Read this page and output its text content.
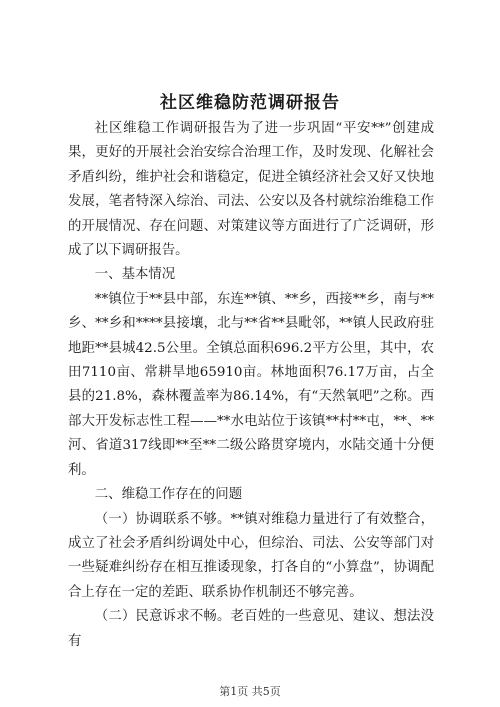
社区维稳防范调研报告

社区维稳工作调研报告为了进一步巩固“平安**”创建成果，更好的开展社会治安综合治理工作，及时发现、化解社会矛盾纠纷，维护社会和谐稳定，促进全镇经济社会又好又快地发展，笔者特深入综治、司法、公安以及各村就综治维稳工作的开展情况、存在问题、对策建议等方面进行了广泛调研，形成了以下调研报告。

一、基本情况

**镇位于**县中部，东连**镇、**乡，西接**乡，南与**乡、**乡和****县接壤，北与**省**县毗邻，**镇人民政府驻地距**县城42.5公里。全镇总面积696.2平方公里，其中，农田7110亩、常耕旱地65910亩。林地面积76.17万亩，占全县的21.8%，森林覆盖率为86.14%，有“天然氧吧”之称。西部大开发标志性工程——**水电站位于该镇**村**屯，**、**河、省道317线即**至**二级公路贯穿境内，水陆交通十分便利。

二、维稳工作存在的问题

（一）协调联系不够。**镇对维稳力量进行了有效整合，成立了社会矛盾纠纷调处中心，但综治、司法、公安等部门对一些疑难纠纷存在相互推诿现象，打各自的“小算盘”，协调配合上存在一定的差距、联系协作机制还不够完善。

（二）民意诉求不畅。老百姓的一些意见、建议、想法没有

第1页 共5页
